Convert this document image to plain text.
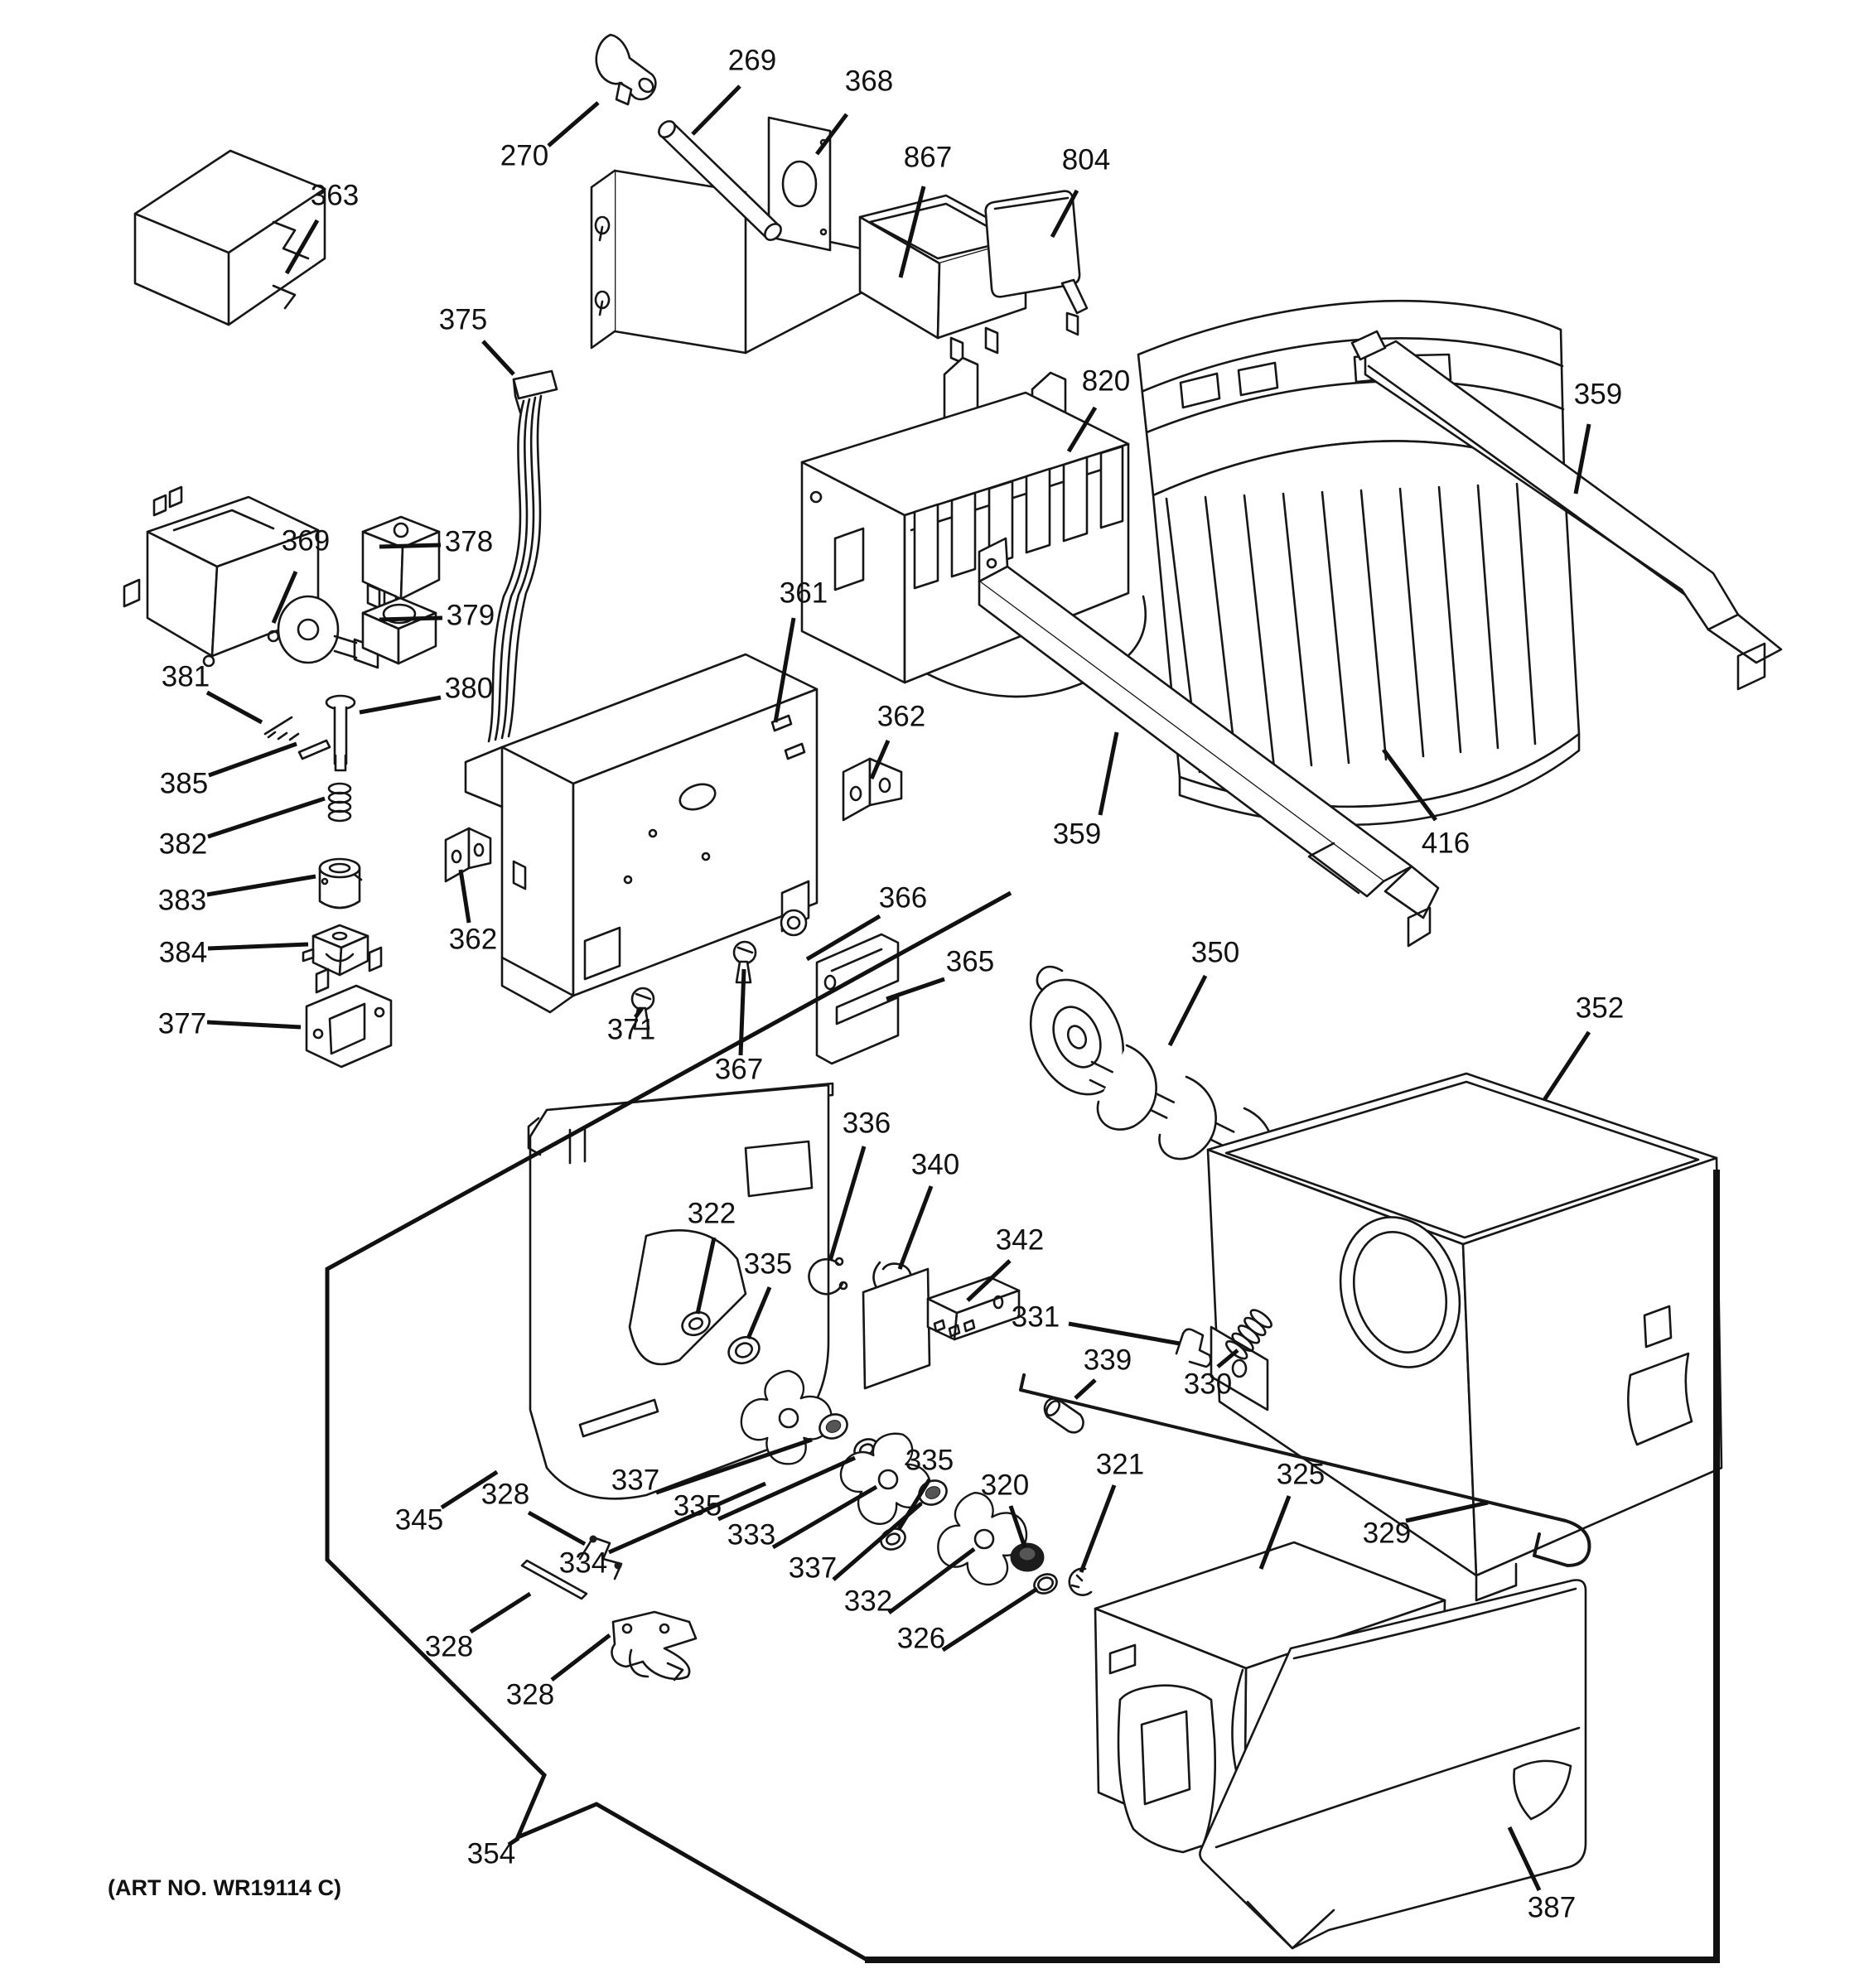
363
270
269
368
867	804
375
820	359
416
359
369	378
379
361
362
380
381
385
382
383
384
377
362
371
367
366
365	350
352
336
340
342
322
335
331
345
334
337
335
333
337
332
326
335
320
321
339
330
325
329
328
328
328
354
387
(ART NO. WR19114 C)
